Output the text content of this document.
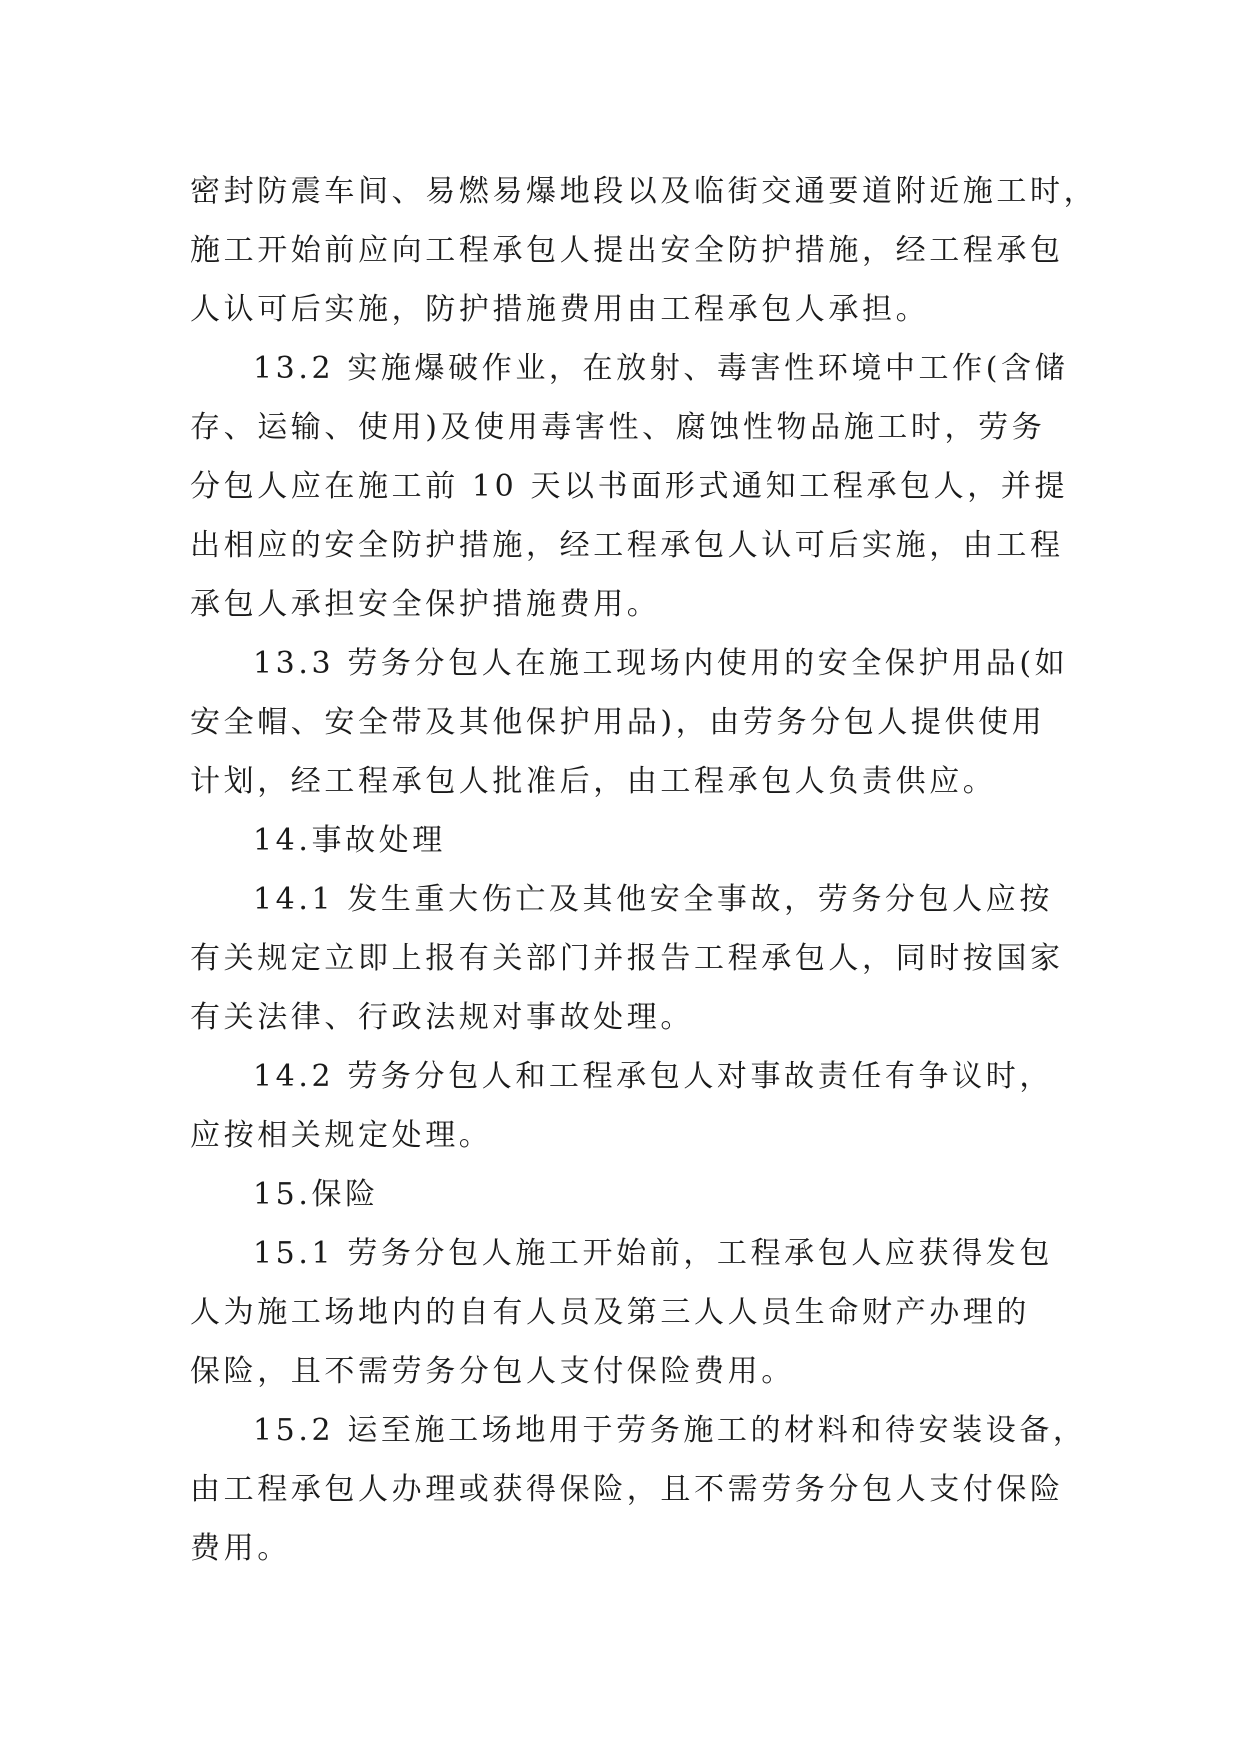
密封防震车间、易燃易爆地段以及临街交通要道附近施工时，
施工开始前应向工程承包人提出安全防护措施，经工程承包
人认可后实施，防护措施费用由工程承包人承担。
13.2 实施爆破作业，在放射、毒害性环境中工作(含储
存、运输、使用)及使用毒害性、腐蚀性物品施工时，劳务
分包人应在施工前 10 天以书面形式通知工程承包人，并提
出相应的安全防护措施，经工程承包人认可后实施，由工程
承包人承担安全保护措施费用。
13.3 劳务分包人在施工现场内使用的安全保护用品(如
安全帽、安全带及其他保护用品)，由劳务分包人提供使用
计划，经工程承包人批准后，由工程承包人负责供应。
14.事故处理
14.1 发生重大伤亡及其他安全事故，劳务分包人应按
有关规定立即上报有关部门并报告工程承包人，同时按国家
有关法律、行政法规对事故处理。
14.2 劳务分包人和工程承包人对事故责任有争议时，
应按相关规定处理。
15.保险
15.1 劳务分包人施工开始前，工程承包人应获得发包
人为施工场地内的自有人员及第三人人员生命财产办理的
保险，且不需劳务分包人支付保险费用。
15.2 运至施工场地用于劳务施工的材料和待安装设备，
由工程承包人办理或获得保险，且不需劳务分包人支付保险
费用。
